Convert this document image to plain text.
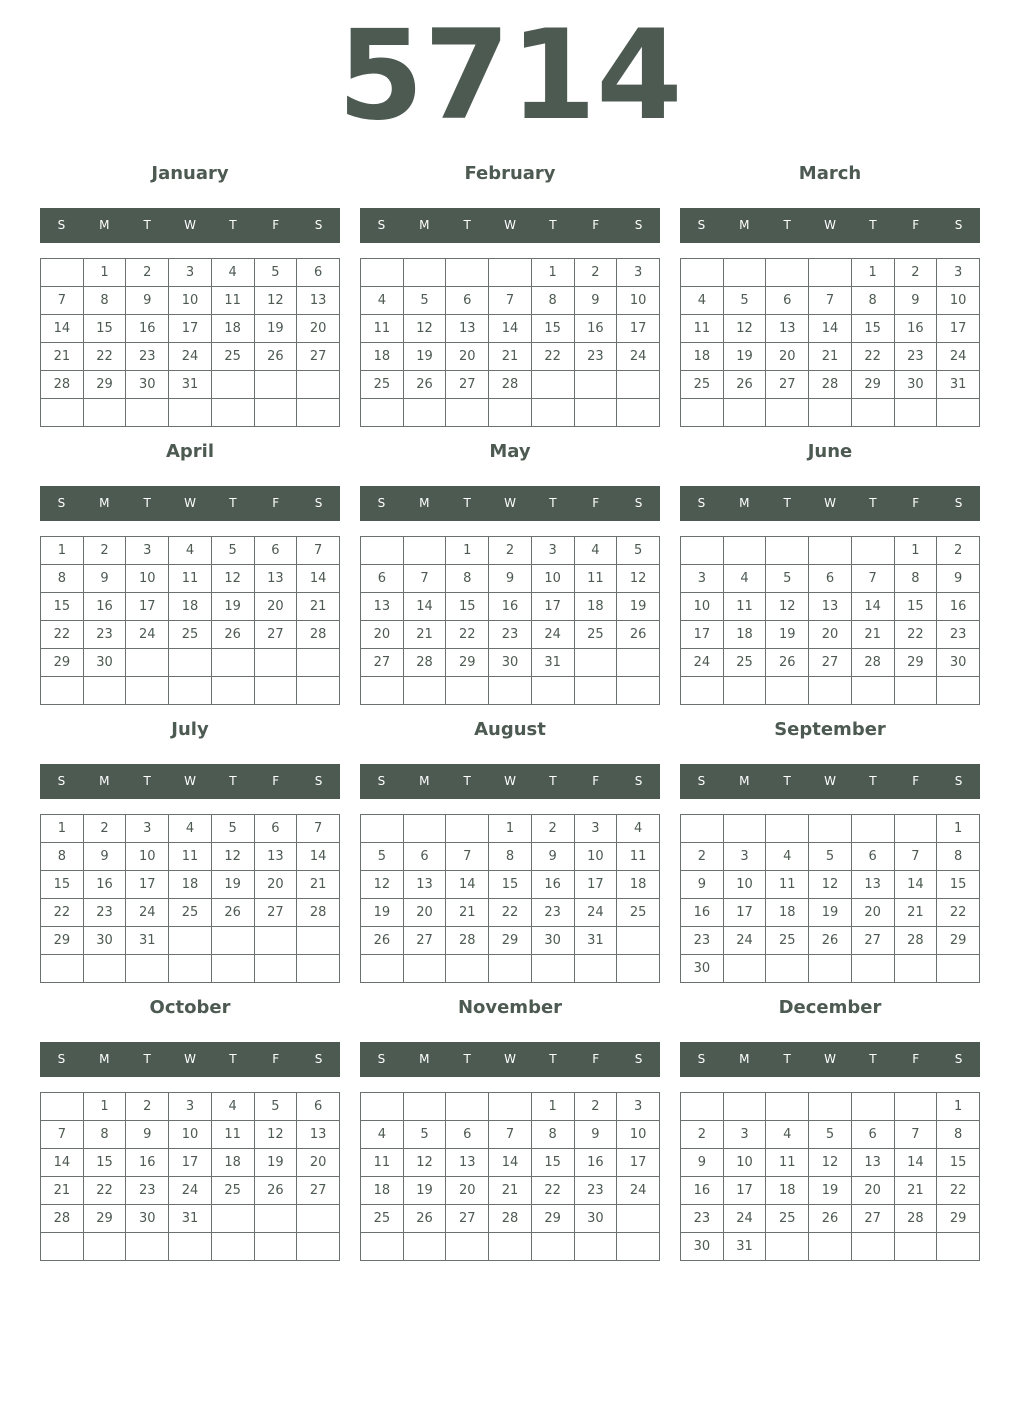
5714
January
S	M	T	W	T	F	S
	1	2	3	4	5	6
7	8	9	10	11	12	13
14	15	16	17	18	19	20
21	22	23	24	25	26	27
28	29	30	31			

February
S	M	T	W	T	F	S
				1	2	3
4	5	6	7	8	9	10
11	12	13	14	15	16	17
18	19	20	21	22	23	24
25	26	27	28			

March
S	M	T	W	T	F	S
				1	2	3
4	5	6	7	8	9	10
11	12	13	14	15	16	17
18	19	20	21	22	23	24
25	26	27	28	29	30	31

April
S	M	T	W	T	F	S
1	2	3	4	5	6	7
8	9	10	11	12	13	14
15	16	17	18	19	20	21
22	23	24	25	26	27	28
29	30					

May
S	M	T	W	T	F	S
		1	2	3	4	5
6	7	8	9	10	11	12
13	14	15	16	17	18	19
20	21	22	23	24	25	26
27	28	29	30	31		

June
S	M	T	W	T	F	S
					1	2
3	4	5	6	7	8	9
10	11	12	13	14	15	16
17	18	19	20	21	22	23
24	25	26	27	28	29	30

July
S	M	T	W	T	F	S
1	2	3	4	5	6	7
8	9	10	11	12	13	14
15	16	17	18	19	20	21
22	23	24	25	26	27	28
29	30	31				

August
S	M	T	W	T	F	S
			1	2	3	4
5	6	7	8	9	10	11
12	13	14	15	16	17	18
19	20	21	22	23	24	25
26	27	28	29	30	31	

September
S	M	T	W	T	F	S
						1
2	3	4	5	6	7	8
9	10	11	12	13	14	15
16	17	18	19	20	21	22
23	24	25	26	27	28	29
30						
October
S	M	T	W	T	F	S
	1	2	3	4	5	6
7	8	9	10	11	12	13
14	15	16	17	18	19	20
21	22	23	24	25	26	27
28	29	30	31			

November
S	M	T	W	T	F	S
				1	2	3
4	5	6	7	8	9	10
11	12	13	14	15	16	17
18	19	20	21	22	23	24
25	26	27	28	29	30	

December
S	M	T	W	T	F	S
						1
2	3	4	5	6	7	8
9	10	11	12	13	14	15
16	17	18	19	20	21	22
23	24	25	26	27	28	29
30	31					
